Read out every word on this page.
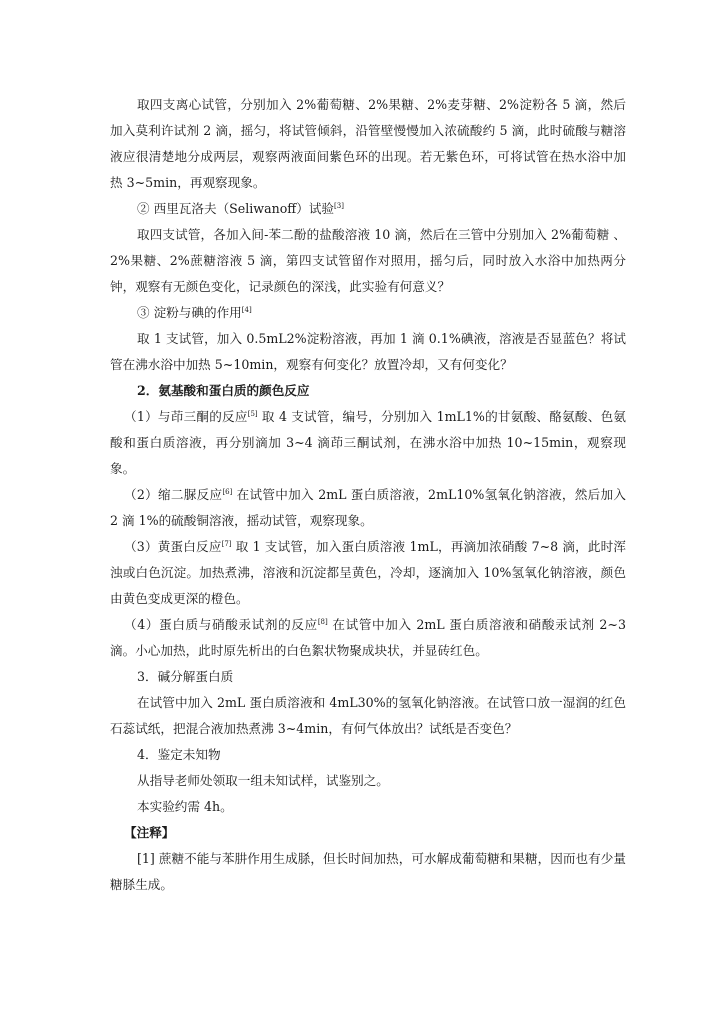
取四支离心试管，分别加入 2%葡萄糖、2%果糖、2%麦芽糖、2%淀粉各 5 滴，然后加入莫利许试剂 2 滴，摇匀，将试管倾斜，沿管壁慢慢加入浓硫酸约 5 滴，此时硫酸与糖溶液应很清楚地分成两层，观察两液面间紫色环的出现。若无紫色环，可将试管在热水浴中加热 3~5min，再观察现象。

② 西里瓦洛夫（Seliwanoff）试验[3]

取四支试管，各加入间-苯二酚的盐酸溶液 10 滴，然后在三管中分别加入 2%葡萄糖 、2%果糖、2%蔗糖溶液 5 滴，第四支试管留作对照用，摇匀后，同时放入水浴中加热两分钟，观察有无颜色变化，记录颜色的深浅，此实验有何意义？

③ 淀粉与碘的作用[4]

取 1 支试管，加入 0.5mL2%淀粉溶液，再加 1 滴 0.1%碘液，溶液是否显蓝色？将试管在沸水浴中加热 5~10min，观察有何变化？放置冷却，又有何变化？

2．氨基酸和蛋白质的颜色反应

（1）与茚三酮的反应[5] 取 4 支试管，编号，分别加入 1mL1%的甘氨酸、酪氨酸、色氨酸和蛋白质溶液，再分别滴加 3~4 滴茚三酮试剂，在沸水浴中加热 10~15min，观察现象。

（2）缩二脲反应[6] 在试管中加入 2mL 蛋白质溶液，2mL10%氢氧化钠溶液，然后加入 2 滴 1%的硫酸铜溶液，摇动试管，观察现象。

（3）黄蛋白反应[7] 取 1 支试管，加入蛋白质溶液 1mL，再滴加浓硝酸 7~8 滴，此时浑浊或白色沉淀。加热煮沸，溶液和沉淀都呈黄色，冷却，逐滴加入 10%氢氧化钠溶液，颜色由黄色变成更深的橙色。

（4）蛋白质与硝酸汞试剂的反应[8] 在试管中加入 2mL 蛋白质溶液和硝酸汞试剂 2~3 滴。小心加热，此时原先析出的白色絮状物聚成块状，并显砖红色。

3．碱分解蛋白质

在试管中加入 2mL 蛋白质溶液和 4mL30%的氢氧化钠溶液。在试管口放一湿润的红色石蕊试纸，把混合液加热煮沸 3~4min，有何气体放出？试纸是否变色？

4．鉴定未知物

从指导老师处领取一组未知试样，试鉴别之。

本实验约需 4h。

【注释】

[1] 蔗糖不能与苯肼作用生成脎，但长时间加热，可水解成葡萄糖和果糖，因而也有少量糖脎生成。
